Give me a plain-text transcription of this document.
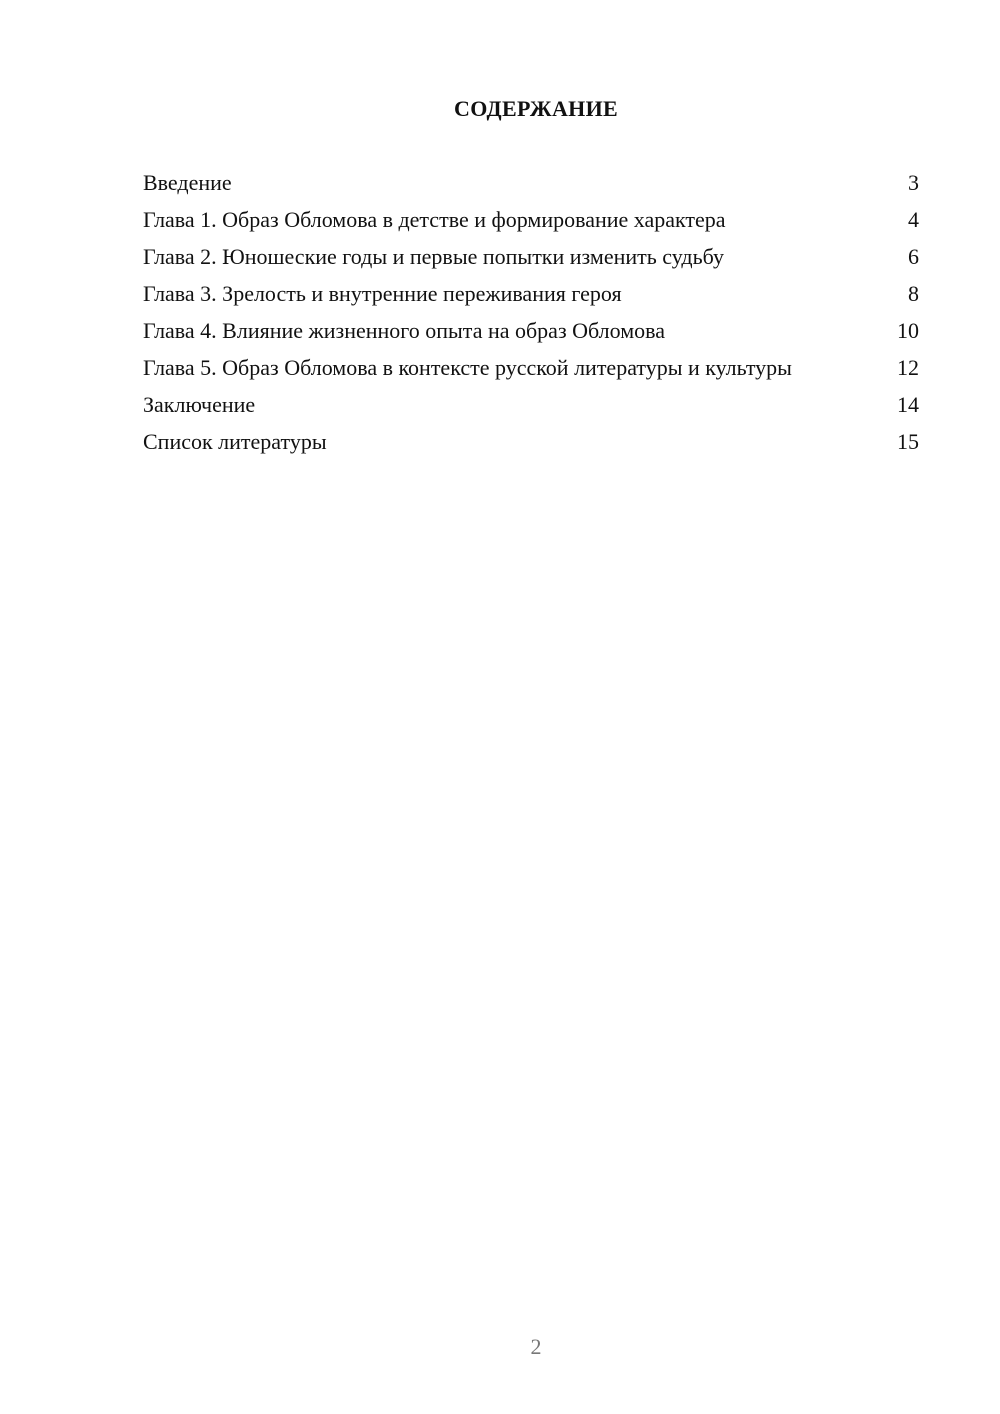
СОДЕРЖАНИЕ
Введение	3
Глава 1. Образ Обломова в детстве и формирование характера	4
Глава 2. Юношеские годы и первые попытки изменить судьбу	6
Глава 3. Зрелость и внутренние переживания героя	8
Глава 4. Влияние жизненного опыта на образ Обломова	10
Глава 5. Образ Обломова в контексте русской литературы и культуры	12
Заключение	14
Список литературы	15
2
